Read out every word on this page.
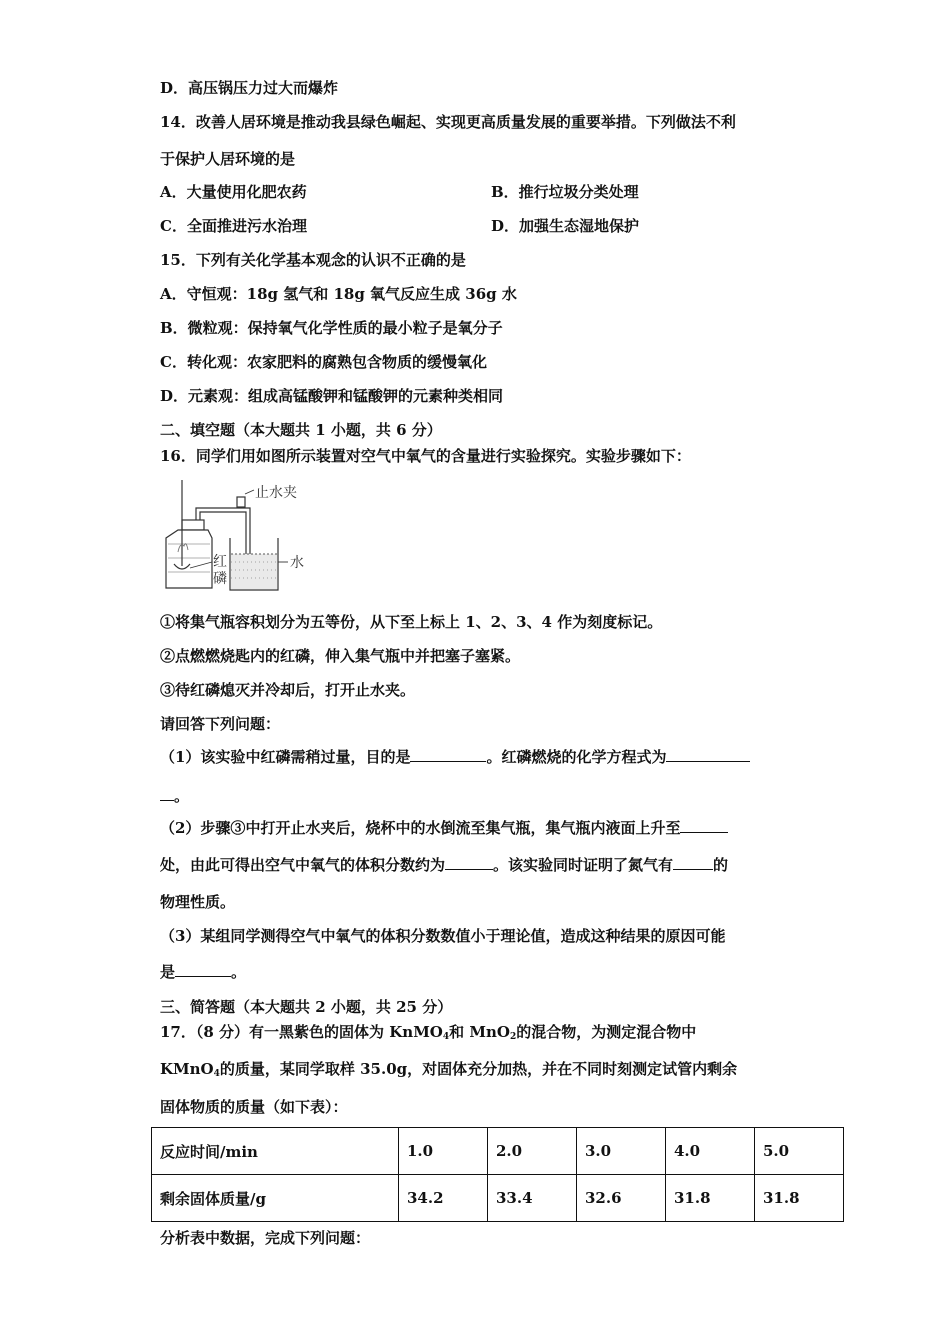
D．高压锅压力过大而爆炸
14．改善人居环境是推动我县绿色崛起、实现更高质量发展的重要举措。下列做法不利
于保护人居环境的是
A．大量使用化肥农药	B．推行垃圾分类处理
C．全面推进污水治理	D．加强生态湿地保护
15．下列有关化学基本观念的认识不正确的是
A．守恒观：18g 氢气和 18g 氧气反应生成 36g 水
B．微粒观：保持氧气化学性质的最小粒子是氧分子
C．转化观：农家肥料的腐熟包含物质的缓慢氧化
D．元素观：组成高锰酸钾和锰酸钾的元素种类相同
二、填空题（本大题共 1 小题，共 6 分）
16．同学们用如图所示装置对空气中氧气的含量进行实验探究。实验步骤如下：
止水夹
红
磷
水
①将集气瓶容积划分为五等份，从下至上标上 1、2、3、4 作为刻度标记。
②点燃燃烧匙内的红磷，伸入集气瓶中并把塞子塞紧。
③待红磷熄灭并冷却后，打开止水夹。
请回答下列问题：
（1）该实验中红磷需稍过量，目的是	。红磷燃烧的化学方程式为
。
（2）步骤③中打开止水夹后，烧杯中的水倒流至集气瓶，集气瓶内液面上升至
处，由此可得出空气中氧气的体积分数约为	。该实验同时证明了氮气有	的
物理性质。
（3）某组同学测得空气中氧气的体积分数数值小于理论值，造成这种结果的原因可能
是	。
三、简答题（本大题共 2 小题，共 25 分）
17．（8 分）有一黑紫色的固体为 KnMO$_4$和 MnO$_2$的混合物，为测定混合物中
KMnO$_4$的质量，某同学取样 35.0g，对固体充分加热，并在不同时刻测定试管内剩余
固体物质的质量（如下表）：
反应时间/min	1.0	2.0	3.0	4.0	5.0
剩余固体质量/g	34.2	33.4	32.6	31.8	31.8
分析表中数据，完成下列问题：
